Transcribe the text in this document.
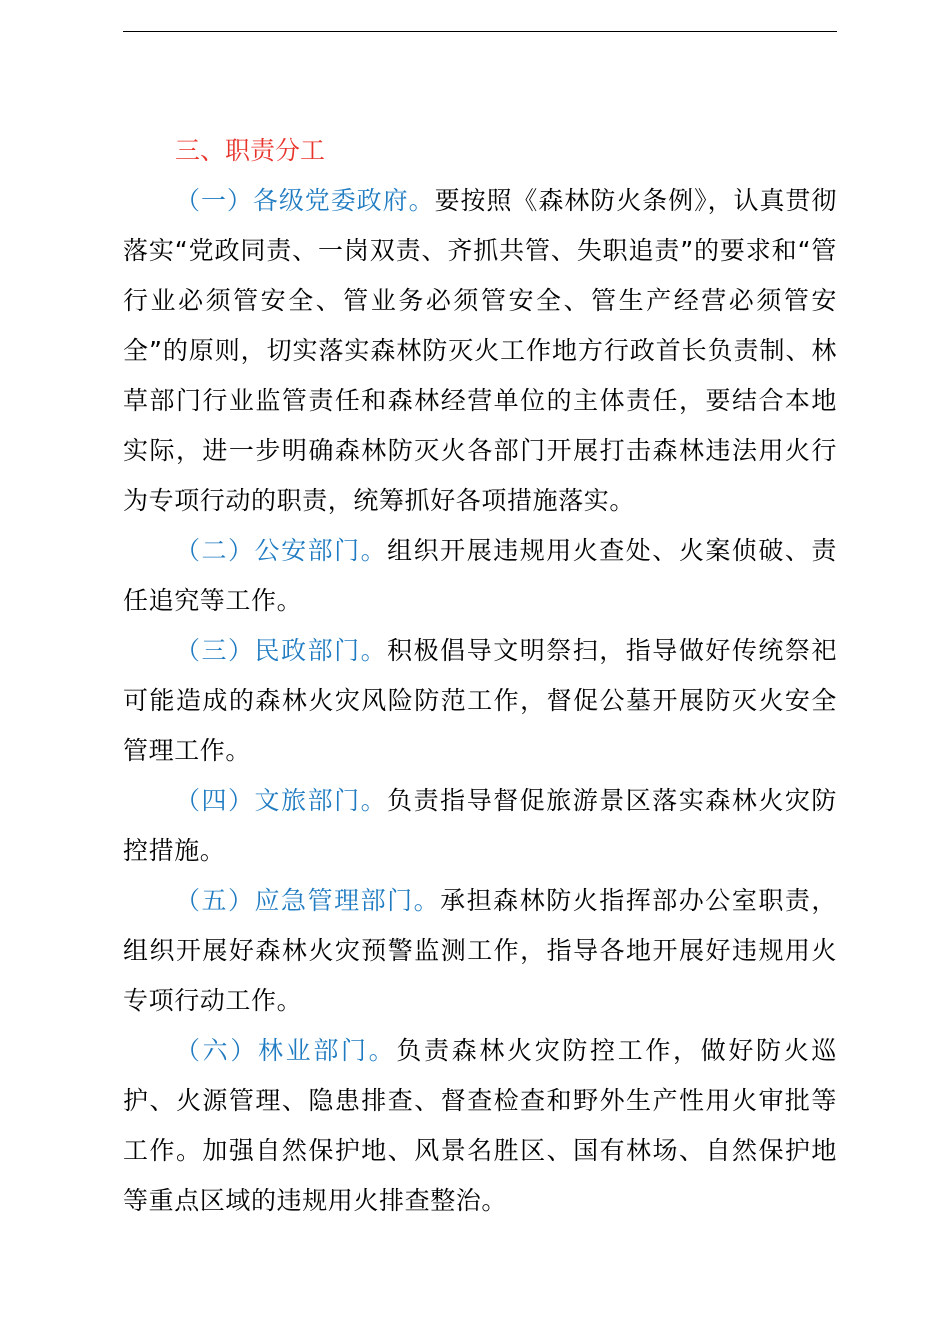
三、职责分工

（一）各级党委政府。要按照《森林防火条例》，认真贯彻落实“党政同责、一岗双责、齐抓共管、失职追责”的要求和“管行业必须管安全、管业务必须管安全、管生产经营必须管安全”的原则，切实落实森林防灭火工作地方行政首长负责制、林草部门行业监管责任和森林经营单位的主体责任，要结合本地实际，进一步明确森林防灭火各部门开展打击森林违法用火行为专项行动的职责，统筹抓好各项措施落实。

（二）公安部门。组织开展违规用火查处、火案侦破、责任追究等工作。

（三）民政部门。积极倡导文明祭扫，指导做好传统祭祀可能造成的森林火灾风险防范工作，督促公墓开展防灭火安全管理工作。

（四）文旅部门。负责指导督促旅游景区落实森林火灾防控措施。

（五）应急管理部门。承担森林防火指挥部办公室职责，组织开展好森林火灾预警监测工作，指导各地开展好违规用火专项行动工作。

（六）林业部门。负责森林火灾防控工作，做好防火巡护、火源管理、隐患排查、督查检查和野外生产性用火审批等工作。加强自然保护地、风景名胜区、国有林场、自然保护地等重点区域的违规用火排查整治。
